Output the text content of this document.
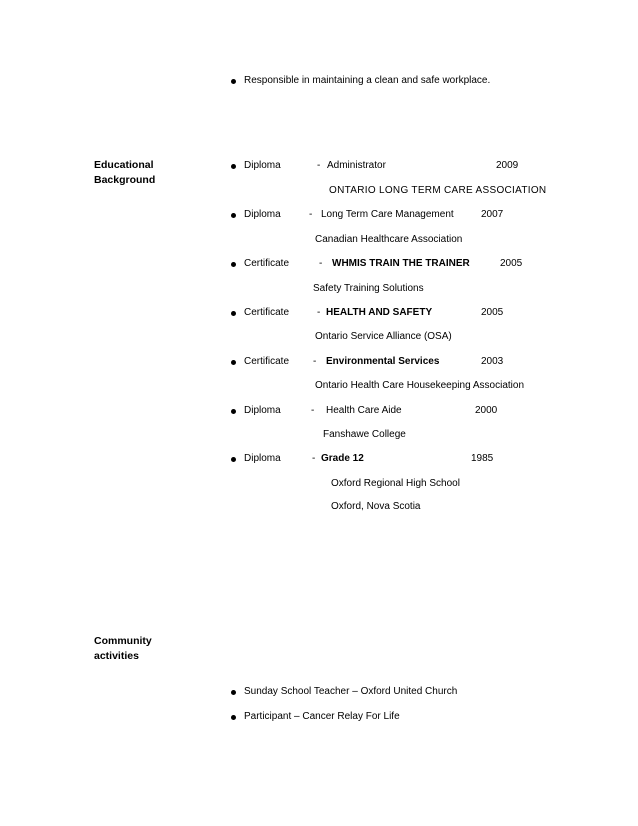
Responsible in maintaining a clean and safe workplace.
Educational
Background
Diploma	- Administrator	2009
ONTARIO LONG TERM CARE ASSOCIATION
Diploma	- Long Term Care Management	2007
Canadian Healthcare Association
Certificate	- WHMIS TRAIN THE TRAINER	2005
Safety Training Solutions
Certificate	- HEALTH AND SAFETY	2005
Ontario Service Alliance (OSA)
Certificate - Environmental Services	2003
Ontario Health Care Housekeeping Association
Diploma	- Health Care Aide	2000
Fanshawe College
Diploma	- Grade 12	1985
Oxford Regional High School
Oxford, Nova Scotia
Community
activities
Sunday School Teacher – Oxford United Church
Participant – Cancer Relay For Life
